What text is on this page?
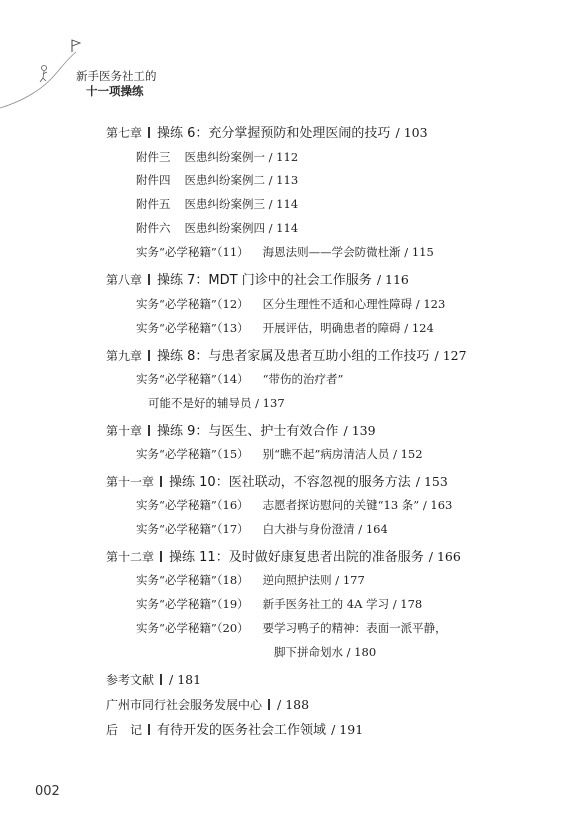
新手医务社工的
十一项操练
第七章 操练 6：充分掌握预防和处理医闹的技巧 / 103
附件三 医患纠纷案例一 / 112
附件四 医患纠纷案例二 / 113
附件五 医患纠纷案例三 / 114
附件六 医患纠纷案例四 / 114
实务“必学秘籍”（11） 海恩法则——学会防微杜渐 / 115
第八章 操练 7：MDT 门诊中的社会工作服务 / 116
实务“必学秘籍”（12） 区分生理性不适和心理性障碍 / 123
实务“必学秘籍”（13） 开展评估，明确患者的障碍 / 124
第九章 操练 8：与患者家属及患者互助小组的工作技巧 / 127
实务“必学秘籍”（14） “带伤的治疗者”
可能不是好的辅导员 / 137
第十章 操练 9：与医生、护士有效合作 / 139
实务“必学秘籍”（15） 别“瞧不起”病房清洁人员 / 152
第十一章 操练 10：医社联动，不容忽视的服务方法 / 153
实务“必学秘籍”（16） 志愿者探访慰问的关键“13 条” / 163
实务“必学秘籍”（17） 白大褂与身份澄清 / 164
第十二章 操练 11：及时做好康复患者出院的准备服务 / 166
实务“必学秘籍”（18） 逆向照护法则 / 177
实务“必学秘籍”（19） 新手医务社工的 4A 学习 / 178
实务“必学秘籍”（20） 要学习鸭子的精神：表面一派平静，
脚下拼命划水 / 180
参考文献 / 181
广州市同行社会服务发展中心 / 188
后　记 有待开发的医务社会工作领域 / 191
002
